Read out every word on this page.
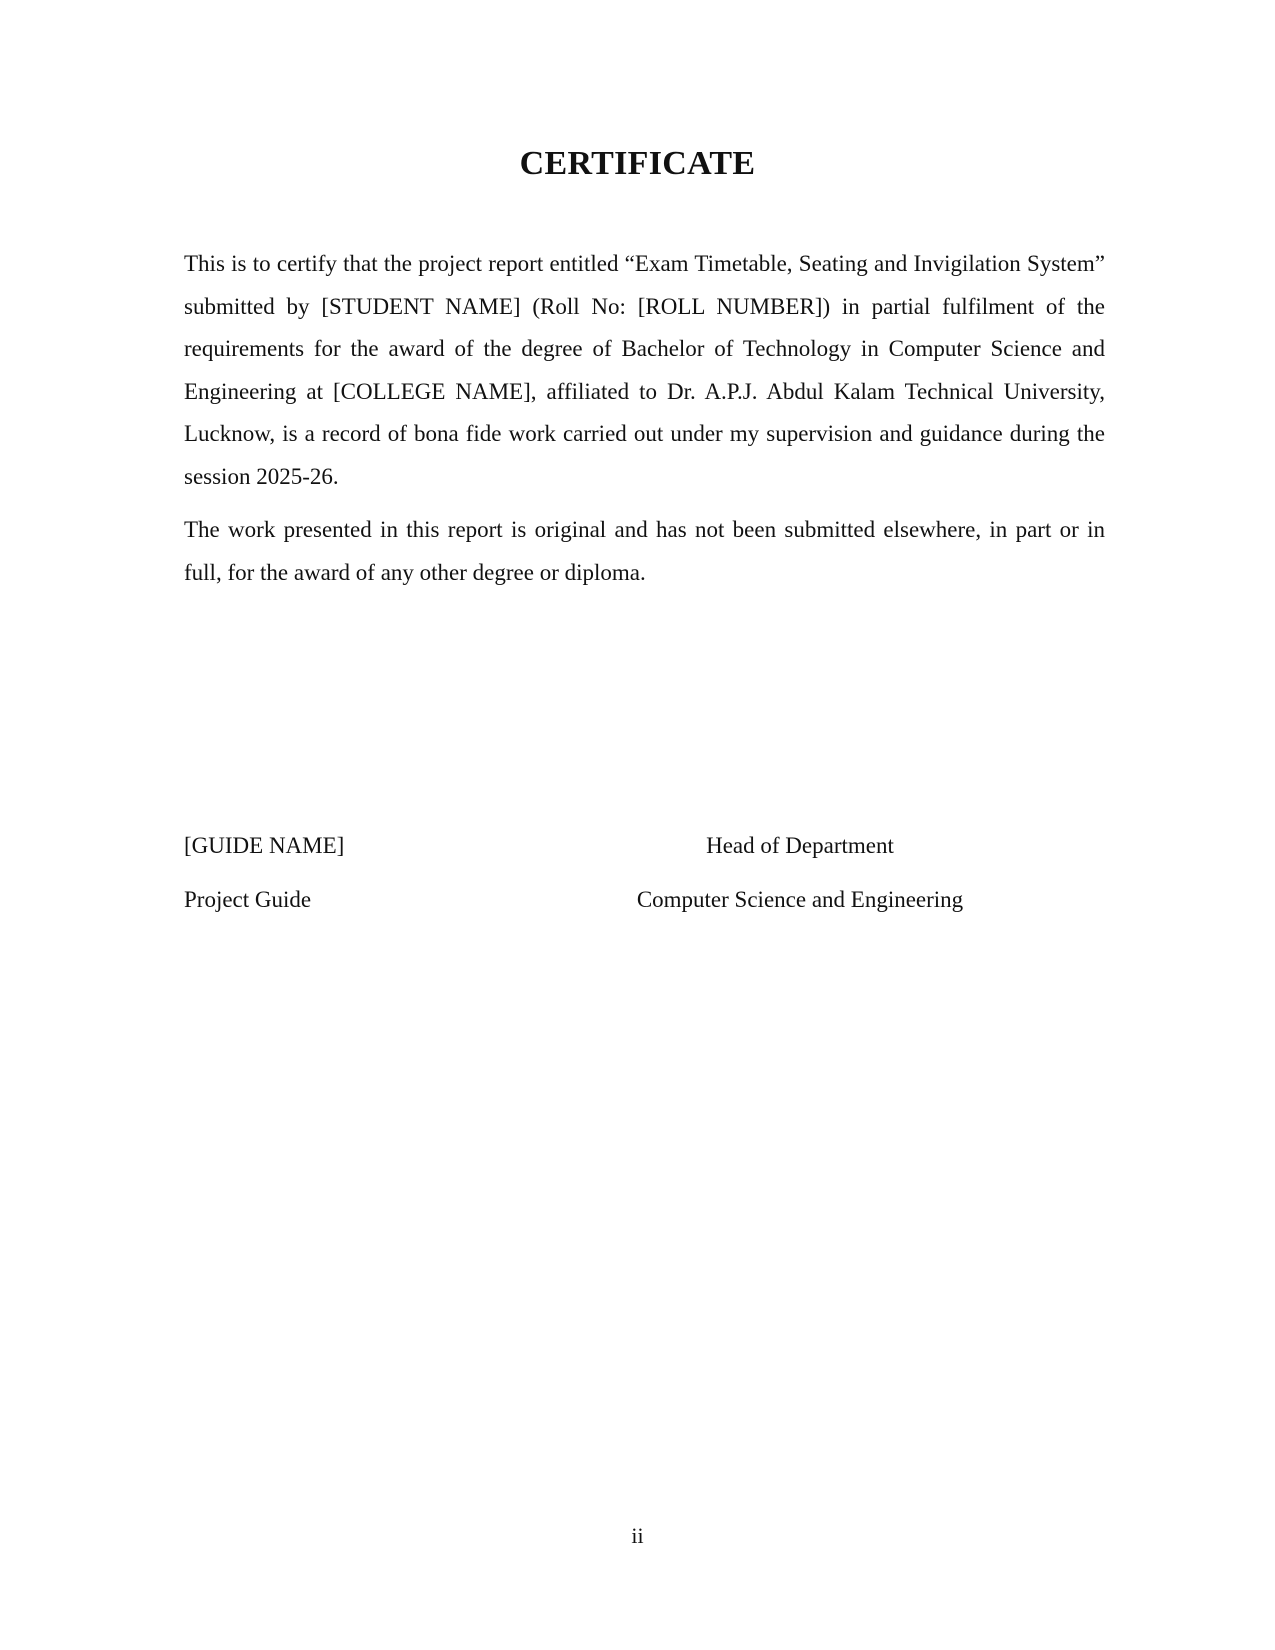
CERTIFICATE

This is to certify that the project report entitled “Exam Timetable, Seating and Invigilation System” submitted by [STUDENT NAME] (Roll No: [ROLL NUMBER]) in partial fulfilment of the requirements for the award of the degree of Bachelor of Technology in Computer Science and Engineering at [COLLEGE NAME], affiliated to Dr. A.P.J. Abdul Kalam Technical University, Lucknow, is a record of bona fide work carried out under my supervision and guidance during the session 2025-26.

The work presented in this report is original and has not been submitted elsewhere, in part or in full, for the award of any other degree or diploma.

[GUIDE NAME]
Project Guide
Head of Department
Computer Science and Engineering
ii
